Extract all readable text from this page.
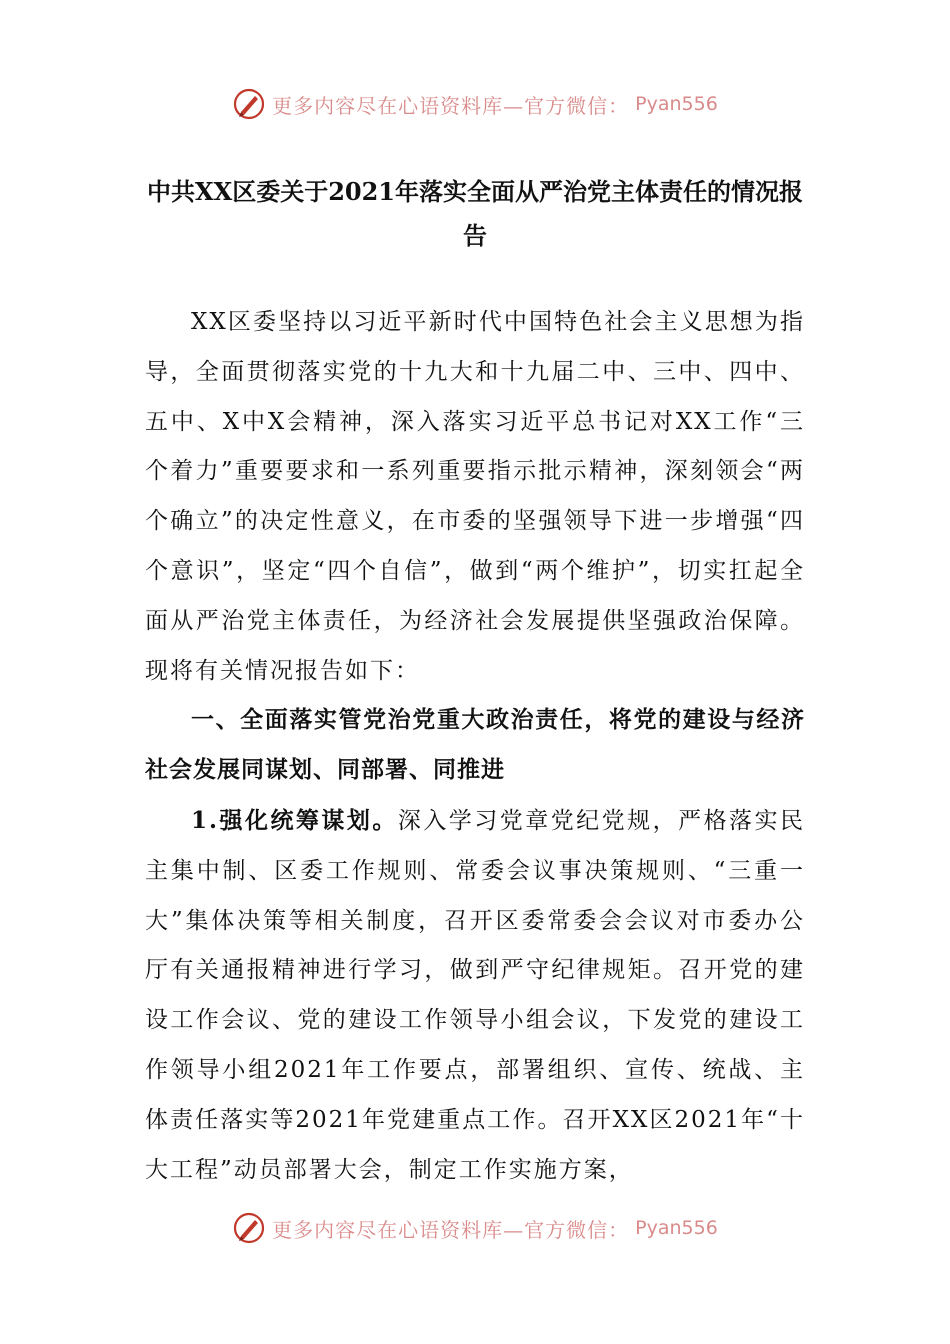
更多内容尽在心语资料库—官方微信： Pyan556
中共XX区委关于2021年落实全面从严治党主体责任的情况报告

XX区委坚持以习近平新时代中国特色社会主义思想为指导，全面贯彻落实党的十九大和十九届二中、三中、四中、五中、X中X会精神，深入落实习近平总书记对XX工作“三个着力”重要要求和一系列重要指示批示精神，深刻领会“两个确立”的决定性意义，在市委的坚强领导下进一步增强“四个意识”，坚定“四个自信”，做到“两个维护”，切实扛起全面从严治党主体责任，为经济社会发展提供坚强政治保障。现将有关情况报告如下：

一、全面落实管党治党重大政治责任，将党的建设与经济社会发展同谋划、同部署、同推进

1.强化统筹谋划。深入学习党章党纪党规，严格落实民主集中制、区委工作规则、常委会议事决策规则、“三重一大”集体决策等相关制度，召开区委常委会会议对市委办公厅有关通报精神进行学习，做到严守纪律规矩。召开党的建设工作会议、党的建设工作领导小组会议，下发党的建设工作领导小组2021年工作要点，部署组织、宣传、统战、主体责任落实等2021年党建重点工作。召开XX区2021年“十大工程”动员部署大会，制定工作实施方案，

更多内容尽在心语资料库—官方微信： Pyan556
